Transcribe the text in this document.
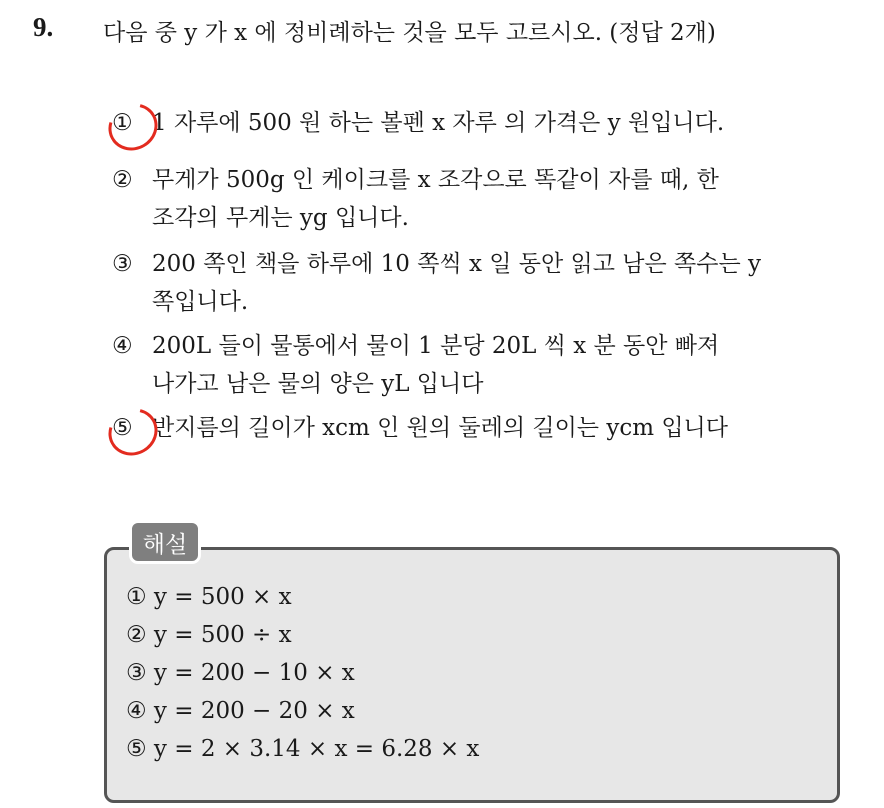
9. 다음 중 y 가 x 에 정비례하는 것을 모두 고르시오. (정답 2개)
① 1 자루에 500 원 하는 볼펜 x 자루 의 가격은 y 원입니다.
② 무게가 500g 인 케이크를 x 조각으로 똑같이 자를 때, 한
조각의 무게는 yg 입니다.
③ 200 쪽인 책을 하루에 10 쪽씩 x 일 동안 읽고 남은 쪽수는 y
쪽입니다.
④ 200L 들이 물통에서 물이 1 분당 20L 씩 x 분 동안 빠져
나가고 남은 물의 양은 yL 입니다
⑤ 반지름의 길이가 xcm 인 원의 둘레의 길이는 ycm 입니다
해설
① y = 500 × x
② y = 500 ÷ x
③ y = 200 − 10 × x
④ y = 200 − 20 × x
⑤ y = 2 × 3.14 × x = 6.28 × x
